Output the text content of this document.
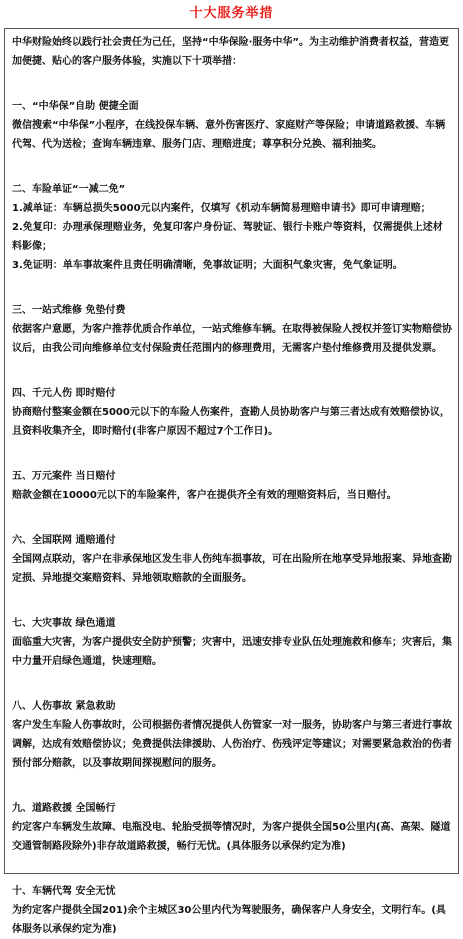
十大服务举措

中华财险始终以践行社会责任为己任，坚持“中华保险·服务中华”。为主动维护消费者权益，营造更加便捷、贴心的客户服务体验，实施以下十项举措：

一、“中华保”自助 便捷全面

微信搜索“中华保”小程序，在线投保车辆、意外伤害医疗、家庭财产等保险；申请道路救援、车辆代驾、代为送检；查询车辆违章、服务门店、理赔进度；尊享积分兑换、福利抽奖。

二、车险单证“一减二免”

1.减单证：车辆总损失5000元以内案件，仅填写《机动车辆简易理赔申请书》即可申请理赔；

2.免复印：办理承保理赔业务，免复印客户身份证、驾驶证、银行卡账户等资料，仅需提供上述材料影像；

3.免证明：单车事故案件且责任明确清晰，免事故证明；大面积气象灾害，免气象证明。

三、一站式维修 免垫付费

依据客户意愿，为客户推荐优质合作单位，一站式维修车辆。在取得被保险人授权并签订实物赔偿协议后，由我公司向维修单位支付保险责任范围内的修理费用，无需客户垫付维修费用及提供发票。

四、千元人伤 即时赔付

协商赔付整案金额在5000元以下的车险人伤案件，査勘人员协助客户与第三者达成有效赔偿协议，且资料收集齐全，即时赔付(非客户原因不超过7个工作日)。

五、万元案件 当日赔付

赔款金额在10000元以下的车险案件，客户在提供齐全有效的理赔资料后，当日赔付。

六、全国联网 通赔通付

全国网点联动，客户在非承保地区发生非人伤纯车损事故，可在出险所在地享受异地报案、异地查勘定损、异地提交案赔资料、异地领取赔款的全面服务。

七、大灾事故 绿色通道

面临重大灾害，为客户提供安全防护预警；灾害中，迅速安排专业队伍处理施救和修车；灾害后，集中力量开启绿色通道，快速理赔。

八、人伤事故 紧急救助

客户发生车险人伤事故时，公司根据伤者情况提供人伤管家一对一服务，协助客户与第三者进行事故调解，达成有效赔偿协议；免费提供法律援助、人伤治疗、伤残评定等建议；对需要紧急救治的伤者预付部分赔款，以及事故期间探视慰问的服务。

九、道路救援 全国畅行

约定客户车辆发生故障、电瓶没电、轮胎受损等情况时，为客户提供全国50公里内(高、高架、隧道交通管制路段除外)非存故道路救援，畅行无忧。(具体服务以承保约定为准)

十、车辆代驾 安全无忧

为约定客户提供全国201)余个主城区30公里内代为驾驶服务，确保客户人身安全，文明行车。(具体服务以承保约定为准)
